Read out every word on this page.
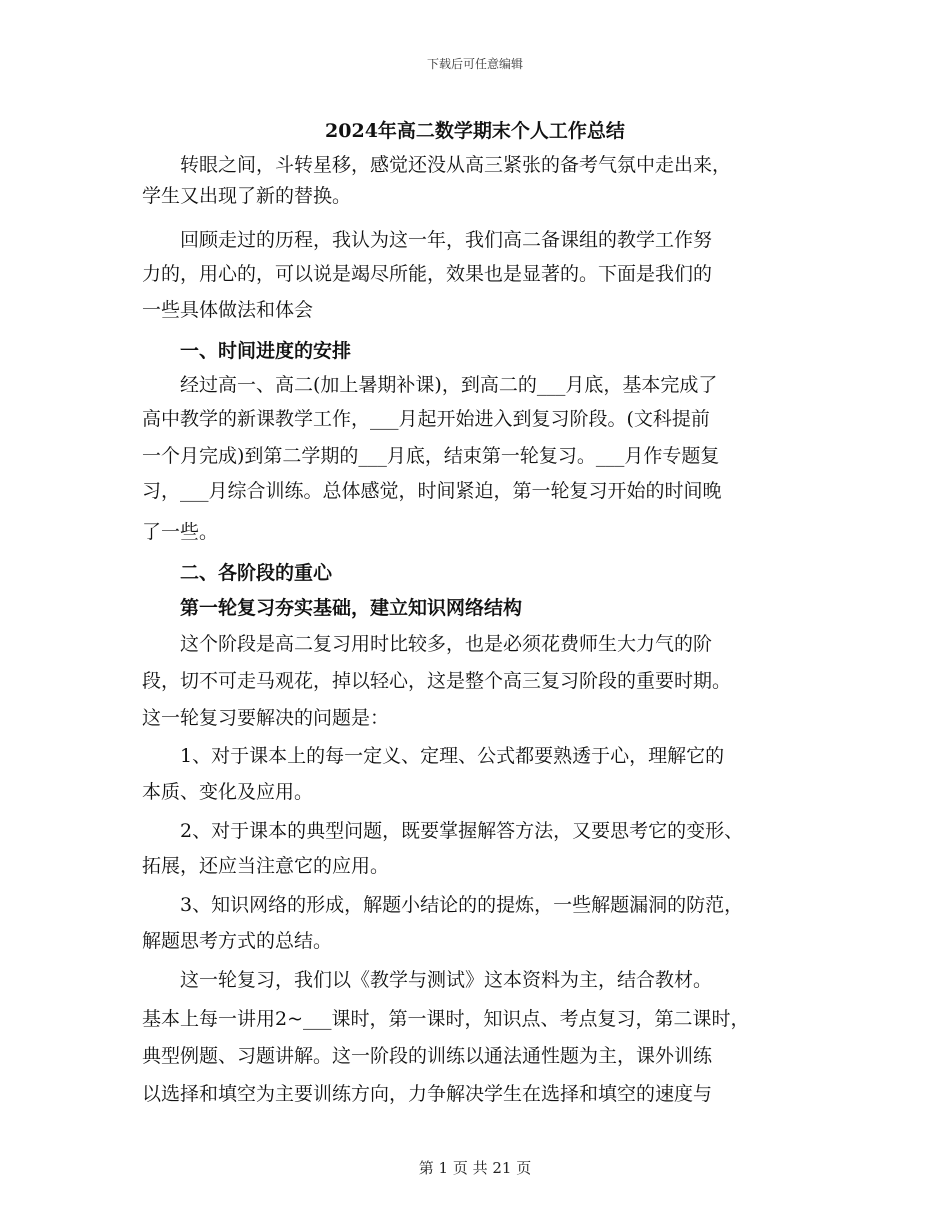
下载后可任意编辑
2024年高二数学期末个人工作总结
　　转眼之间，斗转星移，感觉还没从高三紧张的备考气氛中走出来，
学生又出现了新的替换。
　　回顾走过的历程，我认为这一年，我们高二备课组的教学工作努
力的，用心的，可以说是竭尽所能，效果也是显著的。下面是我们的
一些具体做法和体会
　　一、时间进度的安排
　　经过高一、高二(加上暑期补课)，到高二的___月底，基本完成了
高中教学的新课教学工作，___月起开始进入到复习阶段。(文科提前
一个月完成)到第二学期的___月底，结束第一轮复习。___月作专题复
习，___月综合训练。总体感觉，时间紧迫，第一轮复习开始的时间晚
了一些。
　　二、各阶段的重心
　　第一轮复习夯实基础，建立知识网络结构
　　这个阶段是高二复习用时比较多，也是必须花费师生大力气的阶
段，切不可走马观花，掉以轻心，这是整个高三复习阶段的重要时期。
这一轮复习要解决的问题是：
　　1、对于课本上的每一定义、定理、公式都要熟透于心，理解它的
本质、变化及应用。
　　2、对于课本的典型问题，既要掌握解答方法，又要思考它的变形、
拓展，还应当注意它的应用。
　　3、知识网络的形成，解题小结论的的提炼，一些解题漏洞的防范，
解题思考方式的总结。
　　这一轮复习，我们以《教学与测试》这本资料为主，结合教材。
基本上每一讲用2~___课时，第一课时，知识点、考点复习，第二课时，
典型例题、习题讲解。这一阶段的训练以通法通性题为主，课外训练
以选择和填空为主要训练方向，力争解决学生在选择和填空的速度与
第 1 页 共 21 页
